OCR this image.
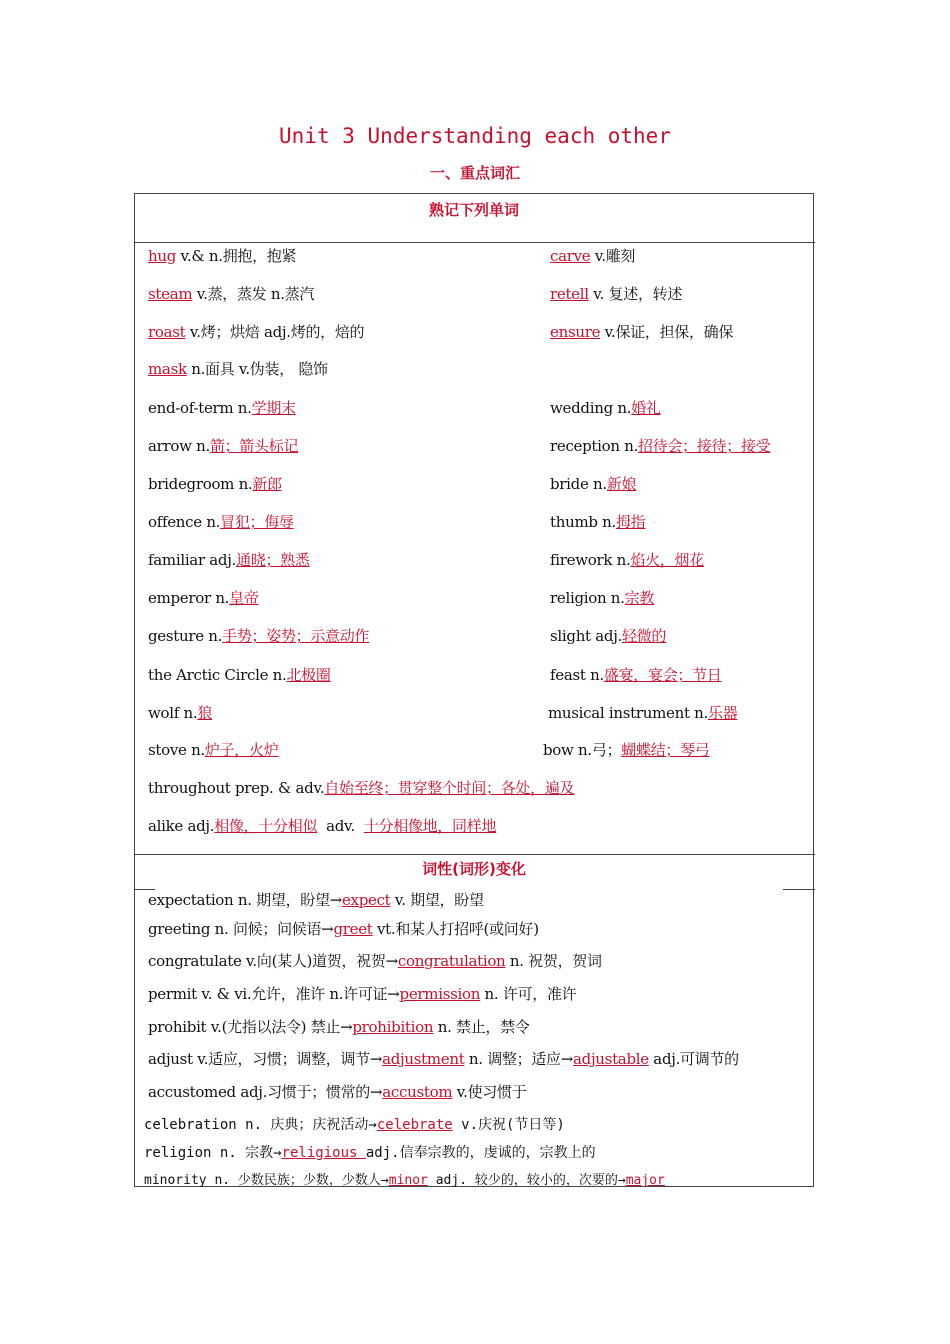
Unit 3 Understanding each other
一、重点词汇
熟记下列单词
hug v.& n.拥抱，抱紧
steam v.蒸，蒸发 n.蒸汽
roast v.烤；烘焙 adj.烤的，焙的
mask n.面具 v.伪装， 隐饰
end-of-term n.学期末
arrow n.箭；箭头标记
bridegroom n.新郎
offence n.冒犯；侮辱
familiar adj.通晓；熟悉
emperor n.皇帝
gesture n.手势；姿势；示意动作
the Arctic Circle n.北极圈
wolf n.狼
stove n.炉子，火炉
carve v.雕刻
retell v. 复述，转述
ensure v.保证，担保，确保
wedding n.婚礼
reception n.招待会；接待；接受
bride n.新娘
thumb n.拇指
firework n.焰火，烟花
religion n.宗教
slight adj.轻微的
feast n.盛宴，宴会；节日
musical instrument n.乐器
bow n.弓；蝴蝶结；琴弓
throughout prep. & adv.自始至终；贯穿整个时间；各处，遍及
alike adj.相像，十分相似  adv.  十分相像地，同样地
词性(词形)变化
expectation n. 期望，盼望→expect v. 期望，盼望
greeting n. 问候；问候语→greet vt.和某人打招呼(或问好)
congratulate v.向(某人)道贺，祝贺→congratulation n. 祝贺，贺词
permit v. & vi.允许，准许 n.许可证→permission n. 许可，准许
prohibit v.(尤指以法令) 禁止→prohibition n. 禁止，禁令
adjust v.适应，习惯；调整，调节→adjustment n. 调整；适应→adjustable adj.可调节的
accustomed adj.习惯于；惯常的→accustom v.使习惯于
celebration n. 庆典；庆祝活动→celebrate v.庆祝(节日等)
religion n. 宗教→religious adj.信奉宗教的，虔诚的，宗教上的
minority n. 少数民族；少数，少数人→minor adj. 较少的，较小的，次要的→major
